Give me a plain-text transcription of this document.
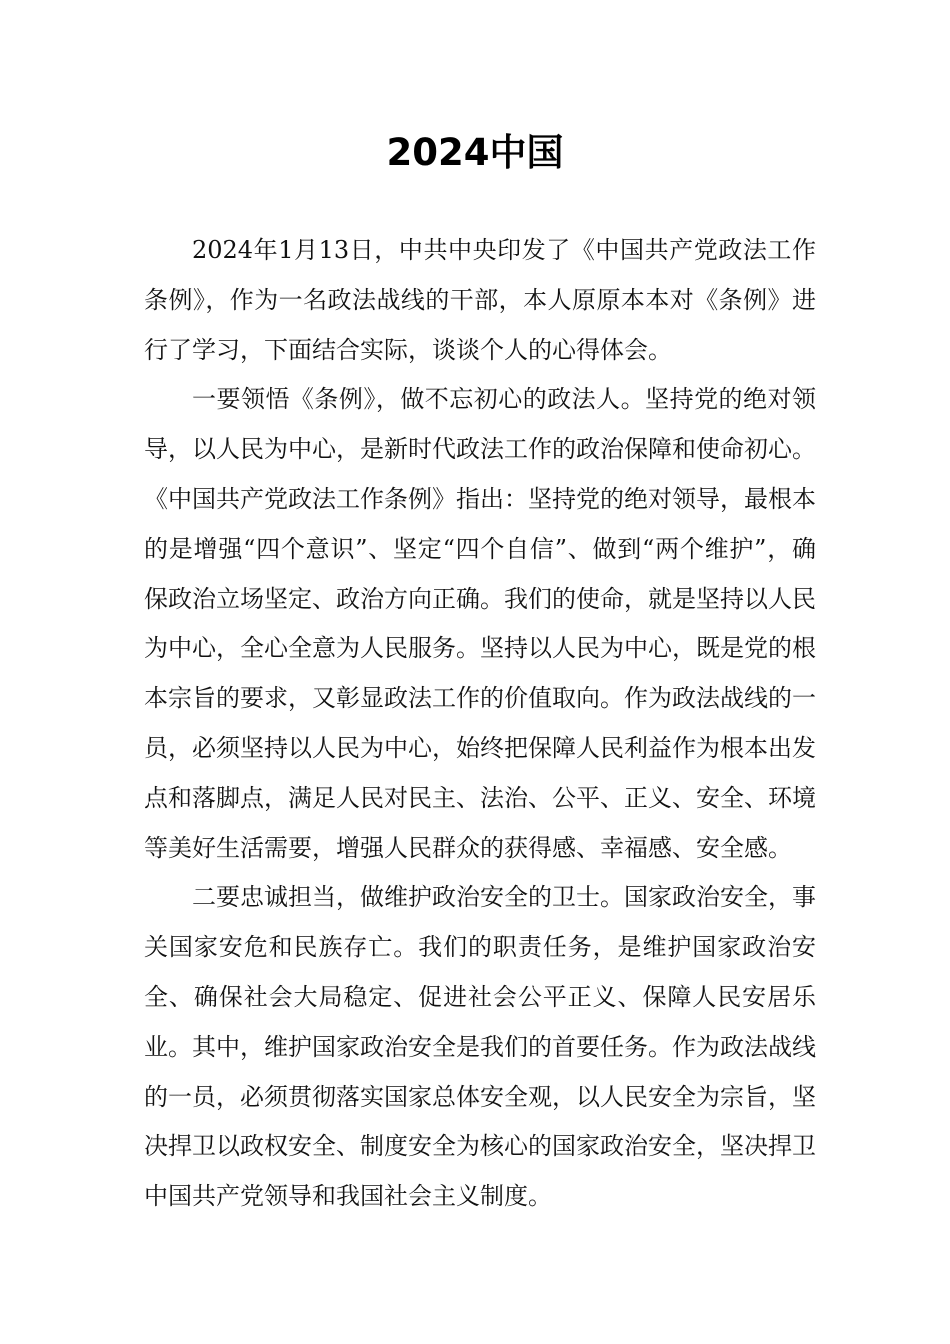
2024中国

2024年1月13日，中共中央印发了《中国共产党政法工作条例》，作为一名政法战线的干部，本人原原本本对《条例》进行了学习，下面结合实际，谈谈个人的心得体会。

一要领悟《条例》，做不忘初心的政法人。坚持党的绝对领导，以人民为中心，是新时代政法工作的政治保障和使命初心。《中国共产党政法工作条例》指出：坚持党的绝对领导，最根本的是增强“四个意识”、坚定“四个自信”、做到“两个维护”，确保政治立场坚定、政治方向正确。我们的使命，就是坚持以人民为中心，全心全意为人民服务。坚持以人民为中心，既是党的根本宗旨的要求，又彰显政法工作的价值取向。作为政法战线的一员，必须坚持以人民为中心，始终把保障人民利益作为根本出发点和落脚点，满足人民对民主、法治、公平、正义、安全、环境等美好生活需要，增强人民群众的获得感、幸福感、安全感。

二要忠诚担当，做维护政治安全的卫士。国家政治安全，事关国家安危和民族存亡。我们的职责任务，是维护国家政治安全、确保社会大局稳定、促进社会公平正义、保障人民安居乐业。其中，维护国家政治安全是我们的首要任务。作为政法战线的一员，必须贯彻落实国家总体安全观，以人民安全为宗旨，坚决捍卫以政权安全、制度安全为核心的国家政治安全，坚决捍卫中国共产党领导和我国社会主义制度。
